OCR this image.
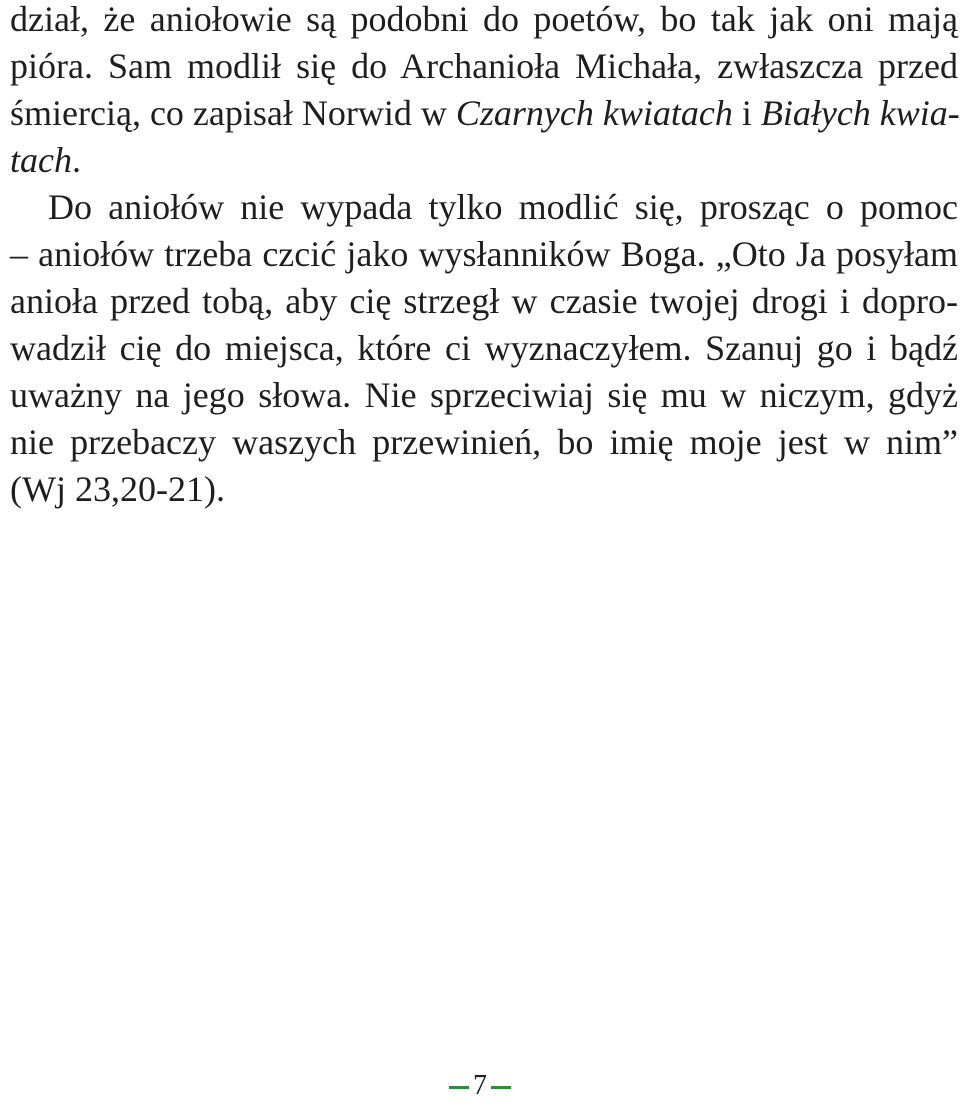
dział, że aniołowie są podobni do poetów, bo tak jak oni mają
pióra. Sam modlił się do Archanioła Michała, zwłaszcza przed
śmiercią, co zapisał Norwid w Czarnych kwiatach i Białych kwia-
tach.
Do aniołów nie wypada tylko modlić się, prosząc o pomoc
– aniołów trzeba czcić jako wysłanników Boga. „Oto Ja posyłam
anioła przed tobą, aby cię strzegł w czasie twojej drogi i dopro-
wadził cię do miejsca, które ci wyznaczyłem. Szanuj go i bądź
uważny na jego słowa. Nie sprzeciwiaj się mu w niczym, gdyż
nie przebaczy waszych przewinień, bo imię moje jest w nim”
(Wj 23,20-21).
7
